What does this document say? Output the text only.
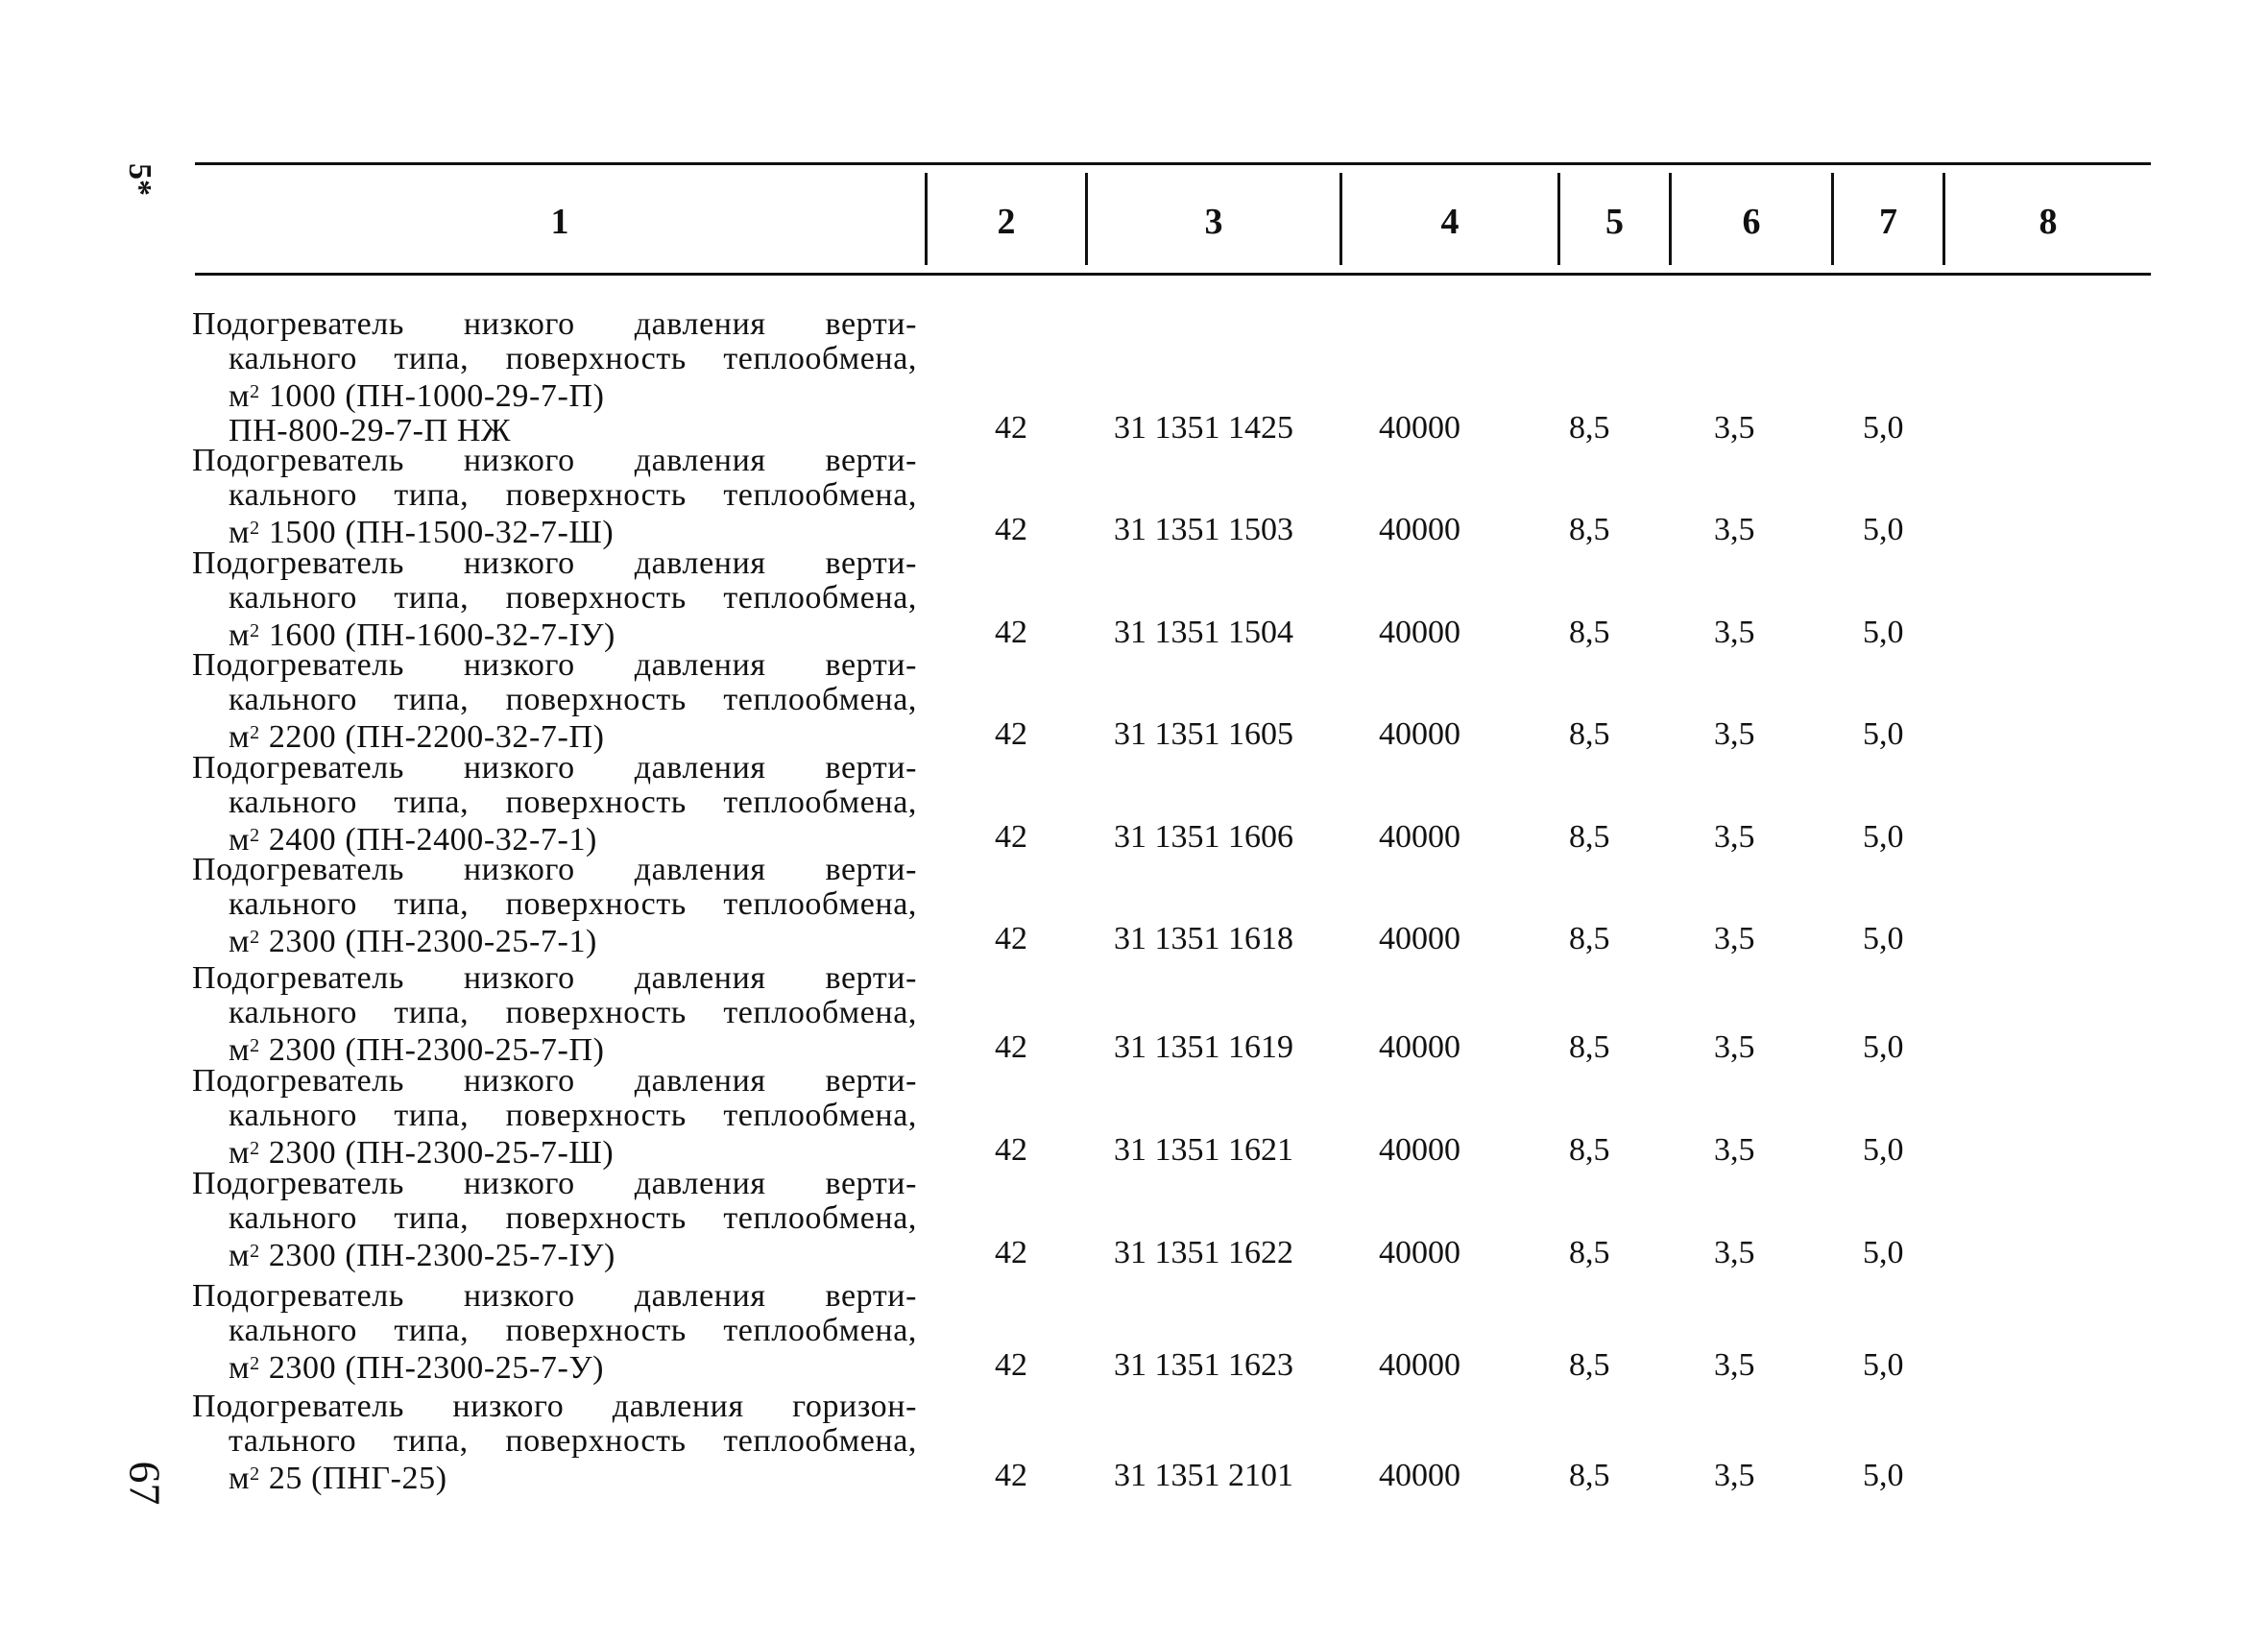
5*
67
1	2	3	4	5	6	7	8
Подогреватель низкого давления верти-
кального типа, поверхность теплообмена,
$м^2$ 1000 (ПН-1000-29-7-П)
ПН-800-29-7-П НЖ	42	31 1351 1425	40000	8,5	3,5	5,0
Подогреватель низкого давления верти-
кального типа, поверхность теплообмена,
$м^2$ 1500 (ПН-1500-32-7-Ш)	42	31 1351 1503	40000	8,5	3,5	5,0
Подогреватель низкого давления верти-
кального типа, поверхность теплообмена,
$м^2$ 1600 (ПН-1600-32-7-IУ)	42	31 1351 1504	40000	8,5	3,5	5,0
Подогреватель низкого давления верти-
кального типа, поверхность теплообмена,
$м^2$ 2200 (ПН-2200-32-7-П)	42	31 1351 1605	40000	8,5	3,5	5,0
Подогреватель низкого давления верти-
кального типа, поверхность теплообмена,
$м^2$ 2400 (ПН-2400-32-7-1)	42	31 1351 1606	40000	8,5	3,5	5,0
Подогреватель низкого давления верти-
кального типа, поверхность теплообмена,
$м^2$ 2300 (ПН-2300-25-7-1)	42	31 1351 1618	40000	8,5	3,5	5,0
Подогреватель низкого давления верти-
кального типа, поверхность теплообмена,
$м^2$ 2300 (ПН-2300-25-7-П)	42	31 1351 1619	40000	8,5	3,5	5,0
Подогреватель низкого давления верти-
кального типа, поверхность теплообмена,
$м^2$ 2300 (ПН-2300-25-7-Ш)	42	31 1351 1621	40000	8,5	3,5	5,0
Подогреватель низкого давления верти-
кального типа, поверхность теплообмена,
$м^2$ 2300 (ПН-2300-25-7-IУ)	42	31 1351 1622	40000	8,5	3,5	5,0
Подогреватель низкого давления верти-
кального типа, поверхность теплообмена,
$м^2$ 2300 (ПН-2300-25-7-У)	42	31 1351 1623	40000	8,5	3,5	5,0
Подогреватель низкого давления горизон-
тального типа, поверхность теплообмена,
$м^2$ 25 (ПНГ-25)	42	31 1351 2101	40000	8,5	3,5	5,0
